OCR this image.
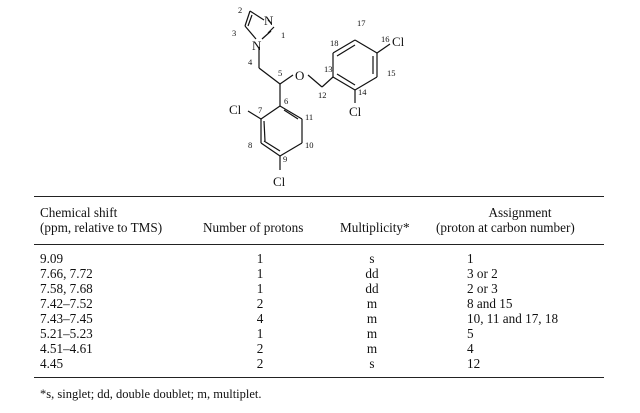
N
N
O
Cl
Cl
Cl
Cl
1
2
3
4
5
6
7
8
9
10
11
12
13
14
15
16
17
18
Chemical shift
(ppm, relative to TMS)	Number of protons	Multiplicity*
Assignment
(proton at carbon number)
9.09	1	s	1
7.66, 7.72	1	dd	3 or 2
7.58, 7.68	1	dd	2 or 3
7.42–7.52	2	m	8 and 15
7.43–7.45	4	m	10, 11 and 17, 18
5.21–5.23	1	m	5
4.51–4.61	2	m	4
4.45	2	s	12
*s, singlet; dd, double doublet; m, multiplet.
